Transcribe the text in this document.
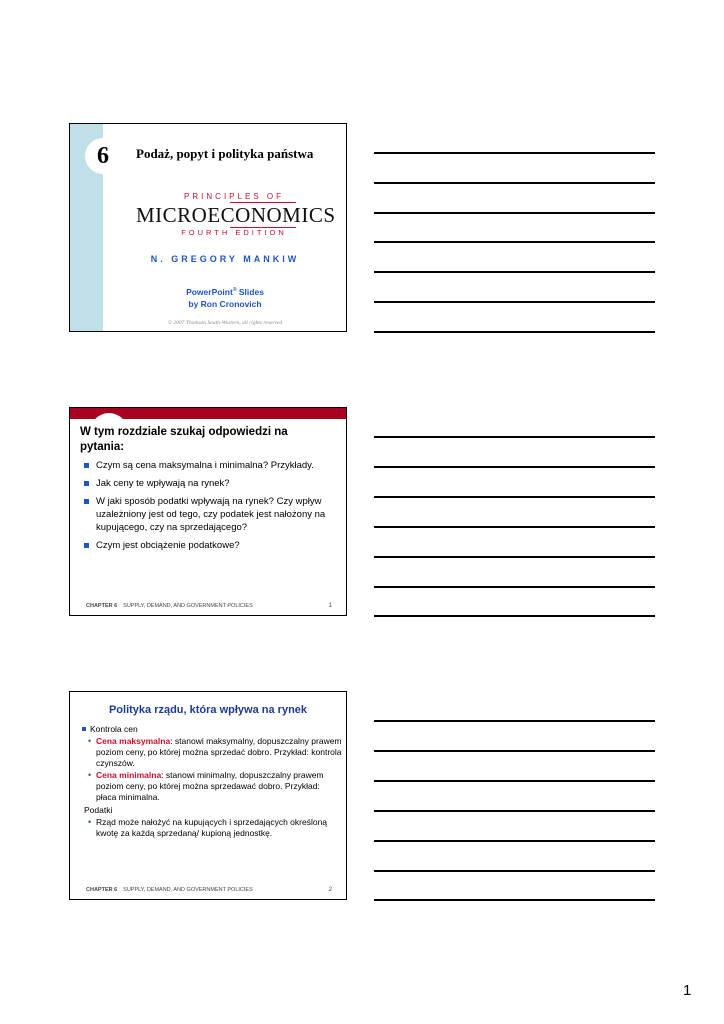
6	Podaż, popyt i polityka państwa
PRINCIPLES OF
MICROECONOMICS
FOURTH EDITION
N. GREGORY MANKIW
PowerPoint® Slides
by Ron Cronovich
© 2007 Thomson South-Western, all rights reserved
W tym rozdziale szukaj odpowiedzi na pytania:
Czym są cena maksymalna i minimalna? Przykłady.
Jak ceny te wpływają na rynek?
W jaki sposób podatki wpływają na rynek? Czy wpływ uzależniony jest od tego, czy podatek jest nałożony na kupującego, czy na sprzedającego?
Czym jest obciążenie podatkowe?
CHAPTER 6 SUPPLY, DEMAND, AND GOVERNMENT POLICIES	1
Polityka rządu, która wpływa na rynek
Kontrola cen
• Cena maksymalna: stanowi maksymalny, dopuszczalny prawem poziom ceny, po której można sprzedać dobro. Przykład: kontrola czynszów.
• Cena minimalna: stanowi minimalny, dopuszczalny prawem poziom ceny, po której można sprzedawać dobro. Przykład: płaca minimalna.
Podatki
• Rząd może nałożyć na kupujących i sprzedających określoną kwotę za każdą sprzedaną/ kupioną jednostkę.
CHAPTER 6 SUPPLY, DEMAND, AND GOVERNMENT POLICIES	2
1
